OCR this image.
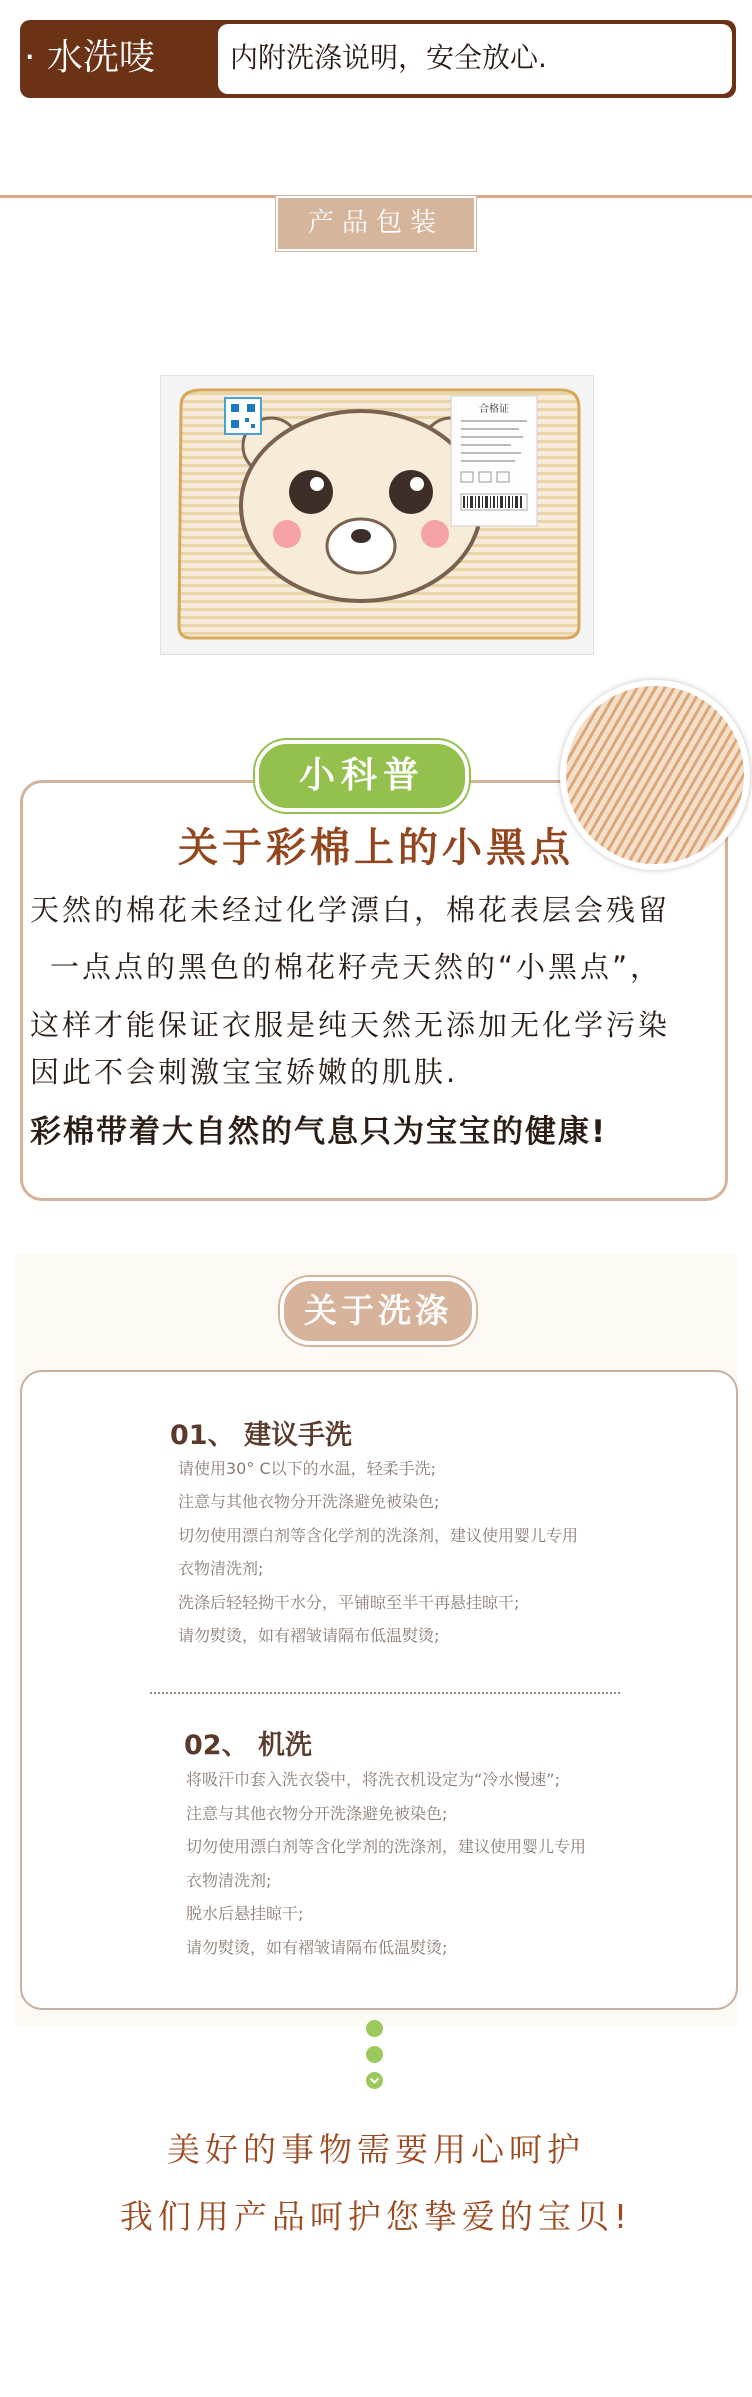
· 水洗唛	内附洗涤说明，安全放心.
产品包装
合格证
小科普
关于彩棉上的小黑点
天然的棉花未经过化学漂白，棉花表层会残留
一点点的黑色的棉花籽壳天然的“小黑点”，
这样才能保证衣服是纯天然无添加无化学污染
因此不会刺激宝宝娇嫩的肌肤.
彩棉带着大自然的气息只为宝宝的健康!
关于洗涤
01、 建议手洗
请使用30° C以下的水温，轻柔手洗;
注意与其他衣物分开洗涤避免被染色;
切勿使用漂白剂等含化学剂的洗涤剂，建议使用婴儿专用
衣物清洗剂;
洗涤后轻轻拗干水分，平铺晾至半干再悬挂晾干;
请勿熨烫，如有褶皱请隔布低温熨烫;
02、 机洗
将吸汗巾套入洗衣袋中，将洗衣机设定为“冷水慢速”;
注意与其他衣物分开洗涤避免被染色;
切勿使用漂白剂等含化学剂的洗涤剂，建议使用婴儿专用
衣物清洗剂;
脱水后悬挂晾干;
请勿熨烫，如有褶皱请隔布低温熨烫;
美好的事物需要用心呵护
我们用产品呵护您挚爱的宝贝!
